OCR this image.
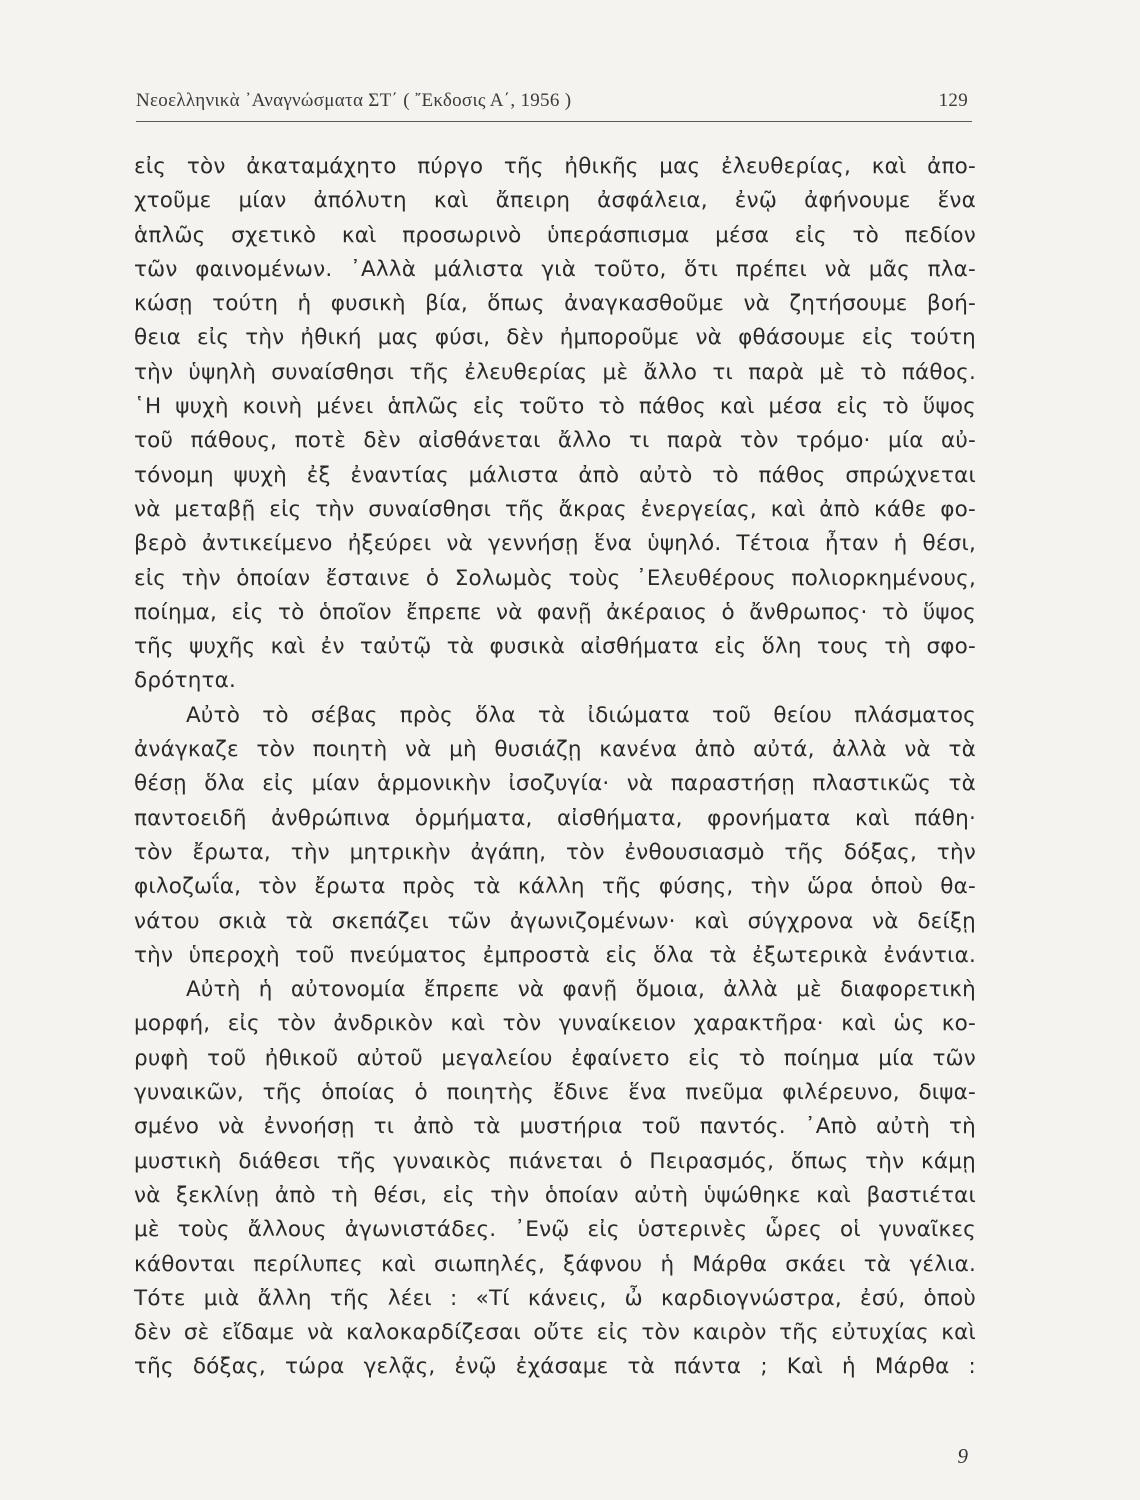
Νεοελληνικὰ ᾿Αναγνώσματα ΣΤ΄ ( ῎Εκδοσις Α΄, 1956 )	129
εἰς τὸν ἀκαταμάχητο πύργο τῆς ἠθικῆς μας ἐλευθερίας, καὶ ἀπο-
χτοῦμε μίαν ἀπόλυτη καὶ ἄπειρη ἀσφάλεια, ἐνῷ ἀφήνουμε ἕνα
ἁπλῶς σχετικὸ καὶ προσωρινὸ ὑπεράσπισμα μέσα εἰς τὸ πεδίον
τῶν φαινομένων. ᾿Αλλὰ μάλιστα γιὰ τοῦτο, ὅτι πρέπει νὰ μᾶς πλα-
κώσῃ τούτη ἡ φυσικὴ βία, ὅπως ἀναγκασθοῦμε νὰ ζητήσουμε βοή-
θεια εἰς τὴν ἠθική μας φύσι, δὲν ἠμποροῦμε νὰ φθάσουμε εἰς τούτη
τὴν ὑψηλὴ συναίσθησι τῆς ἐλευθερίας μὲ ἄλλο τι παρὰ μὲ τὸ πάθος.
῾Η ψυχὴ κοινὴ μένει ἁπλῶς εἰς τοῦτο τὸ πάθος καὶ μέσα εἰς τὸ ὕψος
τοῦ πάθους, ποτὲ δὲν αἰσθάνεται ἄλλο τι παρὰ τὸν τρόμο· μία αὐ-
τόνομη ψυχὴ ἐξ ἐναντίας μάλιστα ἀπὸ αὐτὸ τὸ πάθος σπρώχνεται
νὰ μεταβῇ εἰς τὴν συναίσθησι τῆς ἄκρας ἐνεργείας, καὶ ἀπὸ κάθε φο-
βερὸ ἀντικείμενο ἠξεύρει νὰ γεννήσῃ ἕνα ὑψηλό. Τέτοια ἦταν ἡ θέσι,
εἰς τὴν ὁποίαν ἔσταινε ὁ Σολωμὸς τοὺς ᾿Ελευθέρους πολιορκημένους,
ποίημα, εἰς τὸ ὁποῖον ἔπρεπε νὰ φανῇ ἀκέραιος ὁ ἄνθρωπος· τὸ ὕψος
τῆς ψυχῆς καὶ ἐν ταὐτῷ τὰ φυσικὰ αἰσθήματα εἰς ὅλη τους τὴ σφο-
δρότητα.
Αὐτὸ τὸ σέβας πρὸς ὅλα τὰ ἰδιώματα τοῦ θείου πλάσματος
ἀνάγκαζε τὸν ποιητὴ νὰ μὴ θυσιάζῃ κανένα ἀπὸ αὐτά, ἀλλὰ νὰ τὰ
θέσῃ ὅλα εἰς μίαν ἁρμονικὴν ἰσοζυγία· νὰ παραστήσῃ πλαστικῶς τὰ
παντοειδῆ ἀνθρώπινα ὁρμήματα, αἰσθήματα, φρονήματα καὶ πάθη·
τὸν ἔρωτα, τὴν μητρικὴν ἀγάπη, τὸν ἐνθουσιασμὸ τῆς δόξας, τὴν
φιλοζωΐα, τὸν ἔρωτα πρὸς τὰ κάλλη τῆς φύσης, τὴν ὥρα ὁποὺ θα-
νάτου σκιὰ τὰ σκεπάζει τῶν ἀγωνιζομένων· καὶ σύγχρονα νὰ δείξῃ
τὴν ὑπεροχὴ τοῦ πνεύματος ἐμπροστὰ εἰς ὅλα τὰ ἐξωτερικὰ ἐνάντια.
Αὐτὴ ἡ αὐτονομία ἔπρεπε νὰ φανῇ ὅμοια, ἀλλὰ μὲ διαφορετικὴ
μορφή, εἰς τὸν ἀνδρικὸν καὶ τὸν γυναίκειον χαρακτῆρα· καὶ ὡς κο-
ρυφὴ τοῦ ἠθικοῦ αὐτοῦ μεγαλείου ἐφαίνετο εἰς τὸ ποίημα μία τῶν
γυναικῶν, τῆς ὁποίας ὁ ποιητὴς ἔδινε ἕνα πνεῦμα φιλέρευνο, διψα-
σμένο νὰ ἐννοήσῃ τι ἀπὸ τὰ μυστήρια τοῦ παντός. ᾿Απὸ αὐτὴ τὴ
μυστικὴ διάθεσι τῆς γυναικὸς πιάνεται ὁ Πειρασμός, ὅπως τὴν κάμῃ
νὰ ξεκλίνῃ ἀπὸ τὴ θέσι, εἰς τὴν ὁποίαν αὐτὴ ὑψώθηκε καὶ βαστιέται
μὲ τοὺς ἄλλους ἀγωνιστάδες. ᾿Ενῷ εἰς ὑστερινὲς ὧρες οἱ γυναῖκες
κάθονται περίλυπες καὶ σιωπηλές, ξάφνου ἡ Μάρθα σκάει τὰ γέλια.
Τότε μιὰ ἄλλη τῆς λέει : «Τί κάνεις, ὦ καρδιογνώστρα, ἐσύ, ὁποὺ
δὲν σὲ εἴδαμε νὰ καλοκαρδίζεσαι οὔτε εἰς τὸν καιρὸν τῆς εὐτυχίας καὶ
τῆς δόξας, τώρα γελᾷς, ἐνῷ ἐχάσαμε τὰ πάντα ; Καὶ ἡ Μάρθα :
9
